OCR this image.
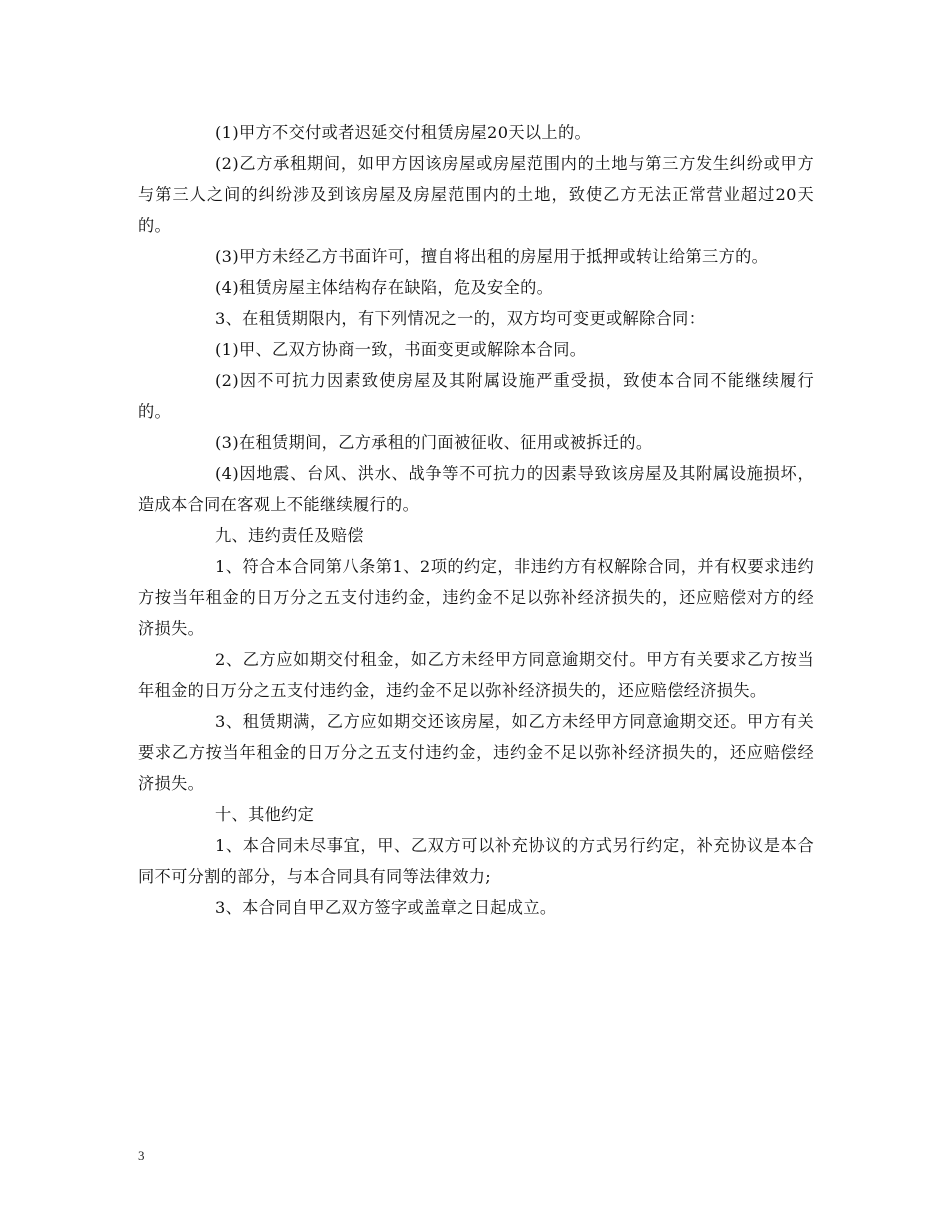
(1)甲方不交付或者迟延交付租赁房屋20天以上的。

(2)乙方承租期间，如甲方因该房屋或房屋范围内的土地与第三方发生纠纷或甲方与第三人之间的纠纷涉及到该房屋及房屋范围内的土地，致使乙方无法正常营业超过20天的。

(3)甲方未经乙方书面许可，擅自将出租的房屋用于抵押或转让给第三方的。

(4)租赁房屋主体结构存在缺陷，危及安全的。

3、在租赁期限内，有下列情况之一的，双方均可变更或解除合同：

(1)甲、乙双方协商一致，书面变更或解除本合同。

(2)因不可抗力因素致使房屋及其附属设施严重受损，致使本合同不能继续履行的。

(3)在租赁期间，乙方承租的门面被征收、征用或被拆迁的。

(4)因地震、台风、洪水、战争等不可抗力的因素导致该房屋及其附属设施损坏，造成本合同在客观上不能继续履行的。

九、违约责任及赔偿

1、符合本合同第八条第1、2项的约定，非违约方有权解除合同，并有权要求违约方按当年租金的日万分之五支付违约金，违约金不足以弥补经济损失的，还应赔偿对方的经济损失。

2、乙方应如期交付租金，如乙方未经甲方同意逾期交付。甲方有关要求乙方按当年租金的日万分之五支付违约金，违约金不足以弥补经济损失的，还应赔偿经济损失。

3、租赁期满，乙方应如期交还该房屋，如乙方未经甲方同意逾期交还。甲方有关要求乙方按当年租金的日万分之五支付违约金，违约金不足以弥补经济损失的，还应赔偿经济损失。

十、其他约定

1、本合同未尽事宜，甲、乙双方可以补充协议的方式另行约定，补充协议是本合同不可分割的部分，与本合同具有同等法律效力;

3、本合同自甲乙双方签字或盖章之日起成立。

3
